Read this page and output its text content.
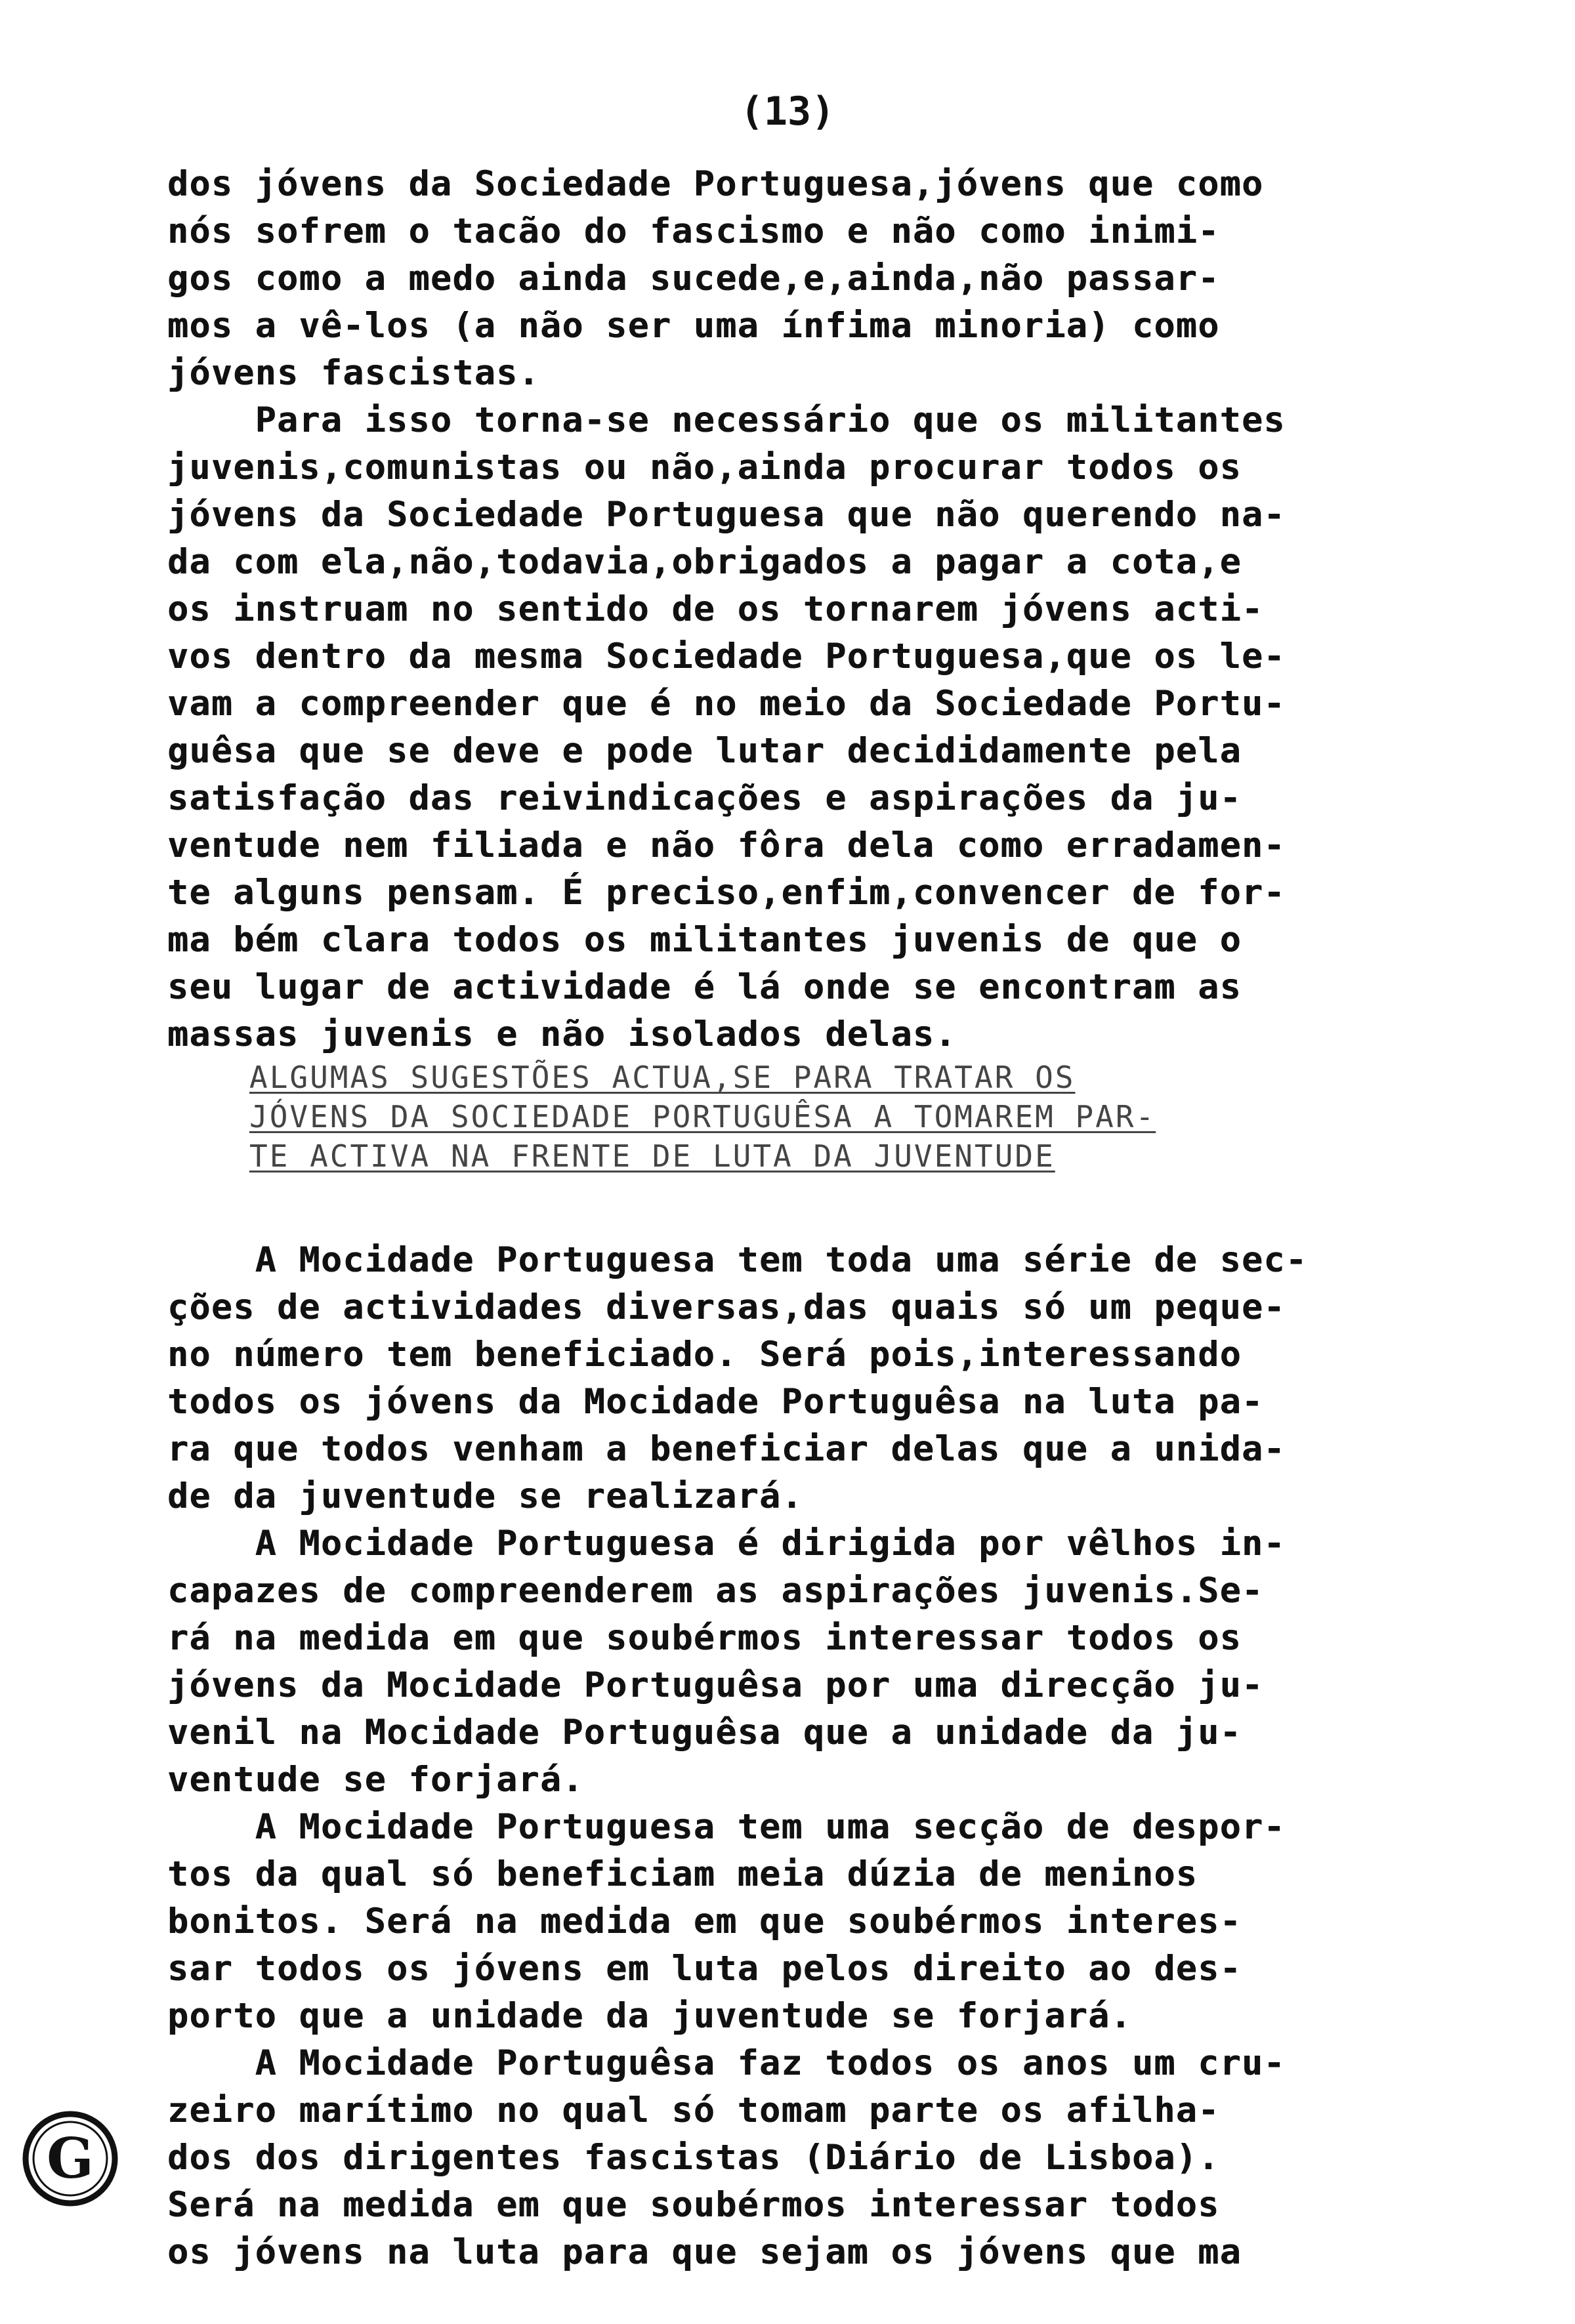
(13)
dos jóvens da Sociedade Portuguesa,jóvens que como
nós sofrem o tacão do fascismo e não como inimi-
gos como a medo ainda sucede,e,ainda,não passar-
mos a vê-los (a não ser uma ínfima minoria) como
jóvens fascistas.
Para isso torna-se necessário que os militantes
juvenis,comunistas ou não,ainda procurar todos os
jóvens da Sociedade Portuguesa que não querendo na-
da com ela,não,todavia,obrigados a pagar a cota,e
os instruam no sentido de os tornarem jóvens acti-
vos dentro da mesma Sociedade Portuguesa,que os le-
vam a compreender que é no meio da Sociedade Portu-
guêsa que se deve e pode lutar decididamente pela
satisfação das reivindicações e aspirações da ju-
ventude nem filiada e não fôra dela como erradamen-
te alguns pensam. É preciso,enfim,convencer de for-
ma bém clara todos os militantes juvenis de que o
seu lugar de actividade é lá onde se encontram as
massas juvenis e não isolados delas.
ALGUMAS SUGESTÕES ACTUA,SE PARA TRATAR OS
JÓVENS DA SOCIEDADE PORTUGUÊSA A TOMAREM PAR-
TE ACTIVA NA FRENTE DE LUTA DA JUVENTUDE
A Mocidade Portuguesa tem toda uma série de sec-
ções de actividades diversas,das quais só um peque-
no número tem beneficiado. Será pois,interessando
todos os jóvens da Mocidade Portuguêsa na luta pa-
ra que todos venham a beneficiar delas que a unida-
de da juventude se realizará.
A Mocidade Portuguesa é dirigida por vêlhos in-
capazes de compreenderem as aspirações juvenis.Se-
rá na medida em que soubérmos interessar todos os
jóvens da Mocidade Portuguêsa por uma direcção ju-
venil na Mocidade Portuguêsa que a unidade da ju-
ventude se forjará.
A Mocidade Portuguesa tem uma secção de despor-
tos da qual só beneficiam meia dúzia de meninos
bonitos. Será na medida em que soubérmos interes-
sar todos os jóvens em luta pelos direito ao des-
porto que a unidade da juventude se forjará.
A Mocidade Portuguêsa faz todos os anos um cru-
zeiro marítimo no qual só tomam parte os afilha-
dos dos dirigentes fascistas (Diário de Lisboa).
Será na medida em que soubérmos interessar todos
os jóvens na luta para que sejam os jóvens que ma
G
